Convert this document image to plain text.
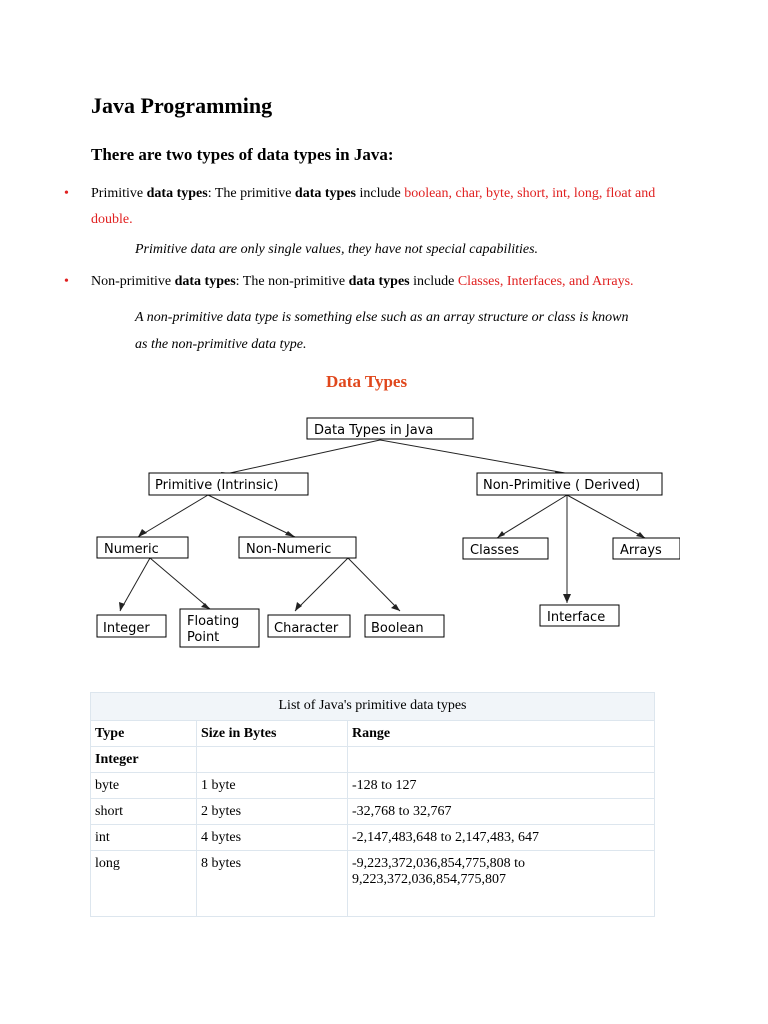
Java Programming
There are two types of data types in Java:
• Primitive data types: The primitive data types include boolean, char, byte, short, int, long, float and double.
Primitive data are only single values, they have not special capabilities.
• Non-primitive data types: The non-primitive data types include Classes, Interfaces, and Arrays.
A non-primitive data type is something else such as an array structure or class is known
as the non-primitive data type.
Data Types
Data Types in Java
Primitive (Intrinsic)	Non-Primitive ( Derived)
Numeric	Non-Numeric
Integer	Floating
Point
Character	Boolean
Classes	Arrays
Interface
List of Java's primitive data types
Type	Size in Bytes	Range
Integer		
byte	1 byte	-128 to 127
short	2 bytes	-32,768 to 32,767
int	4 bytes	-2,147,483,648 to 2,147,483, 647
long	8 bytes	-9,223,372,036,854,775,808 to
9,223,372,036,854,775,807
